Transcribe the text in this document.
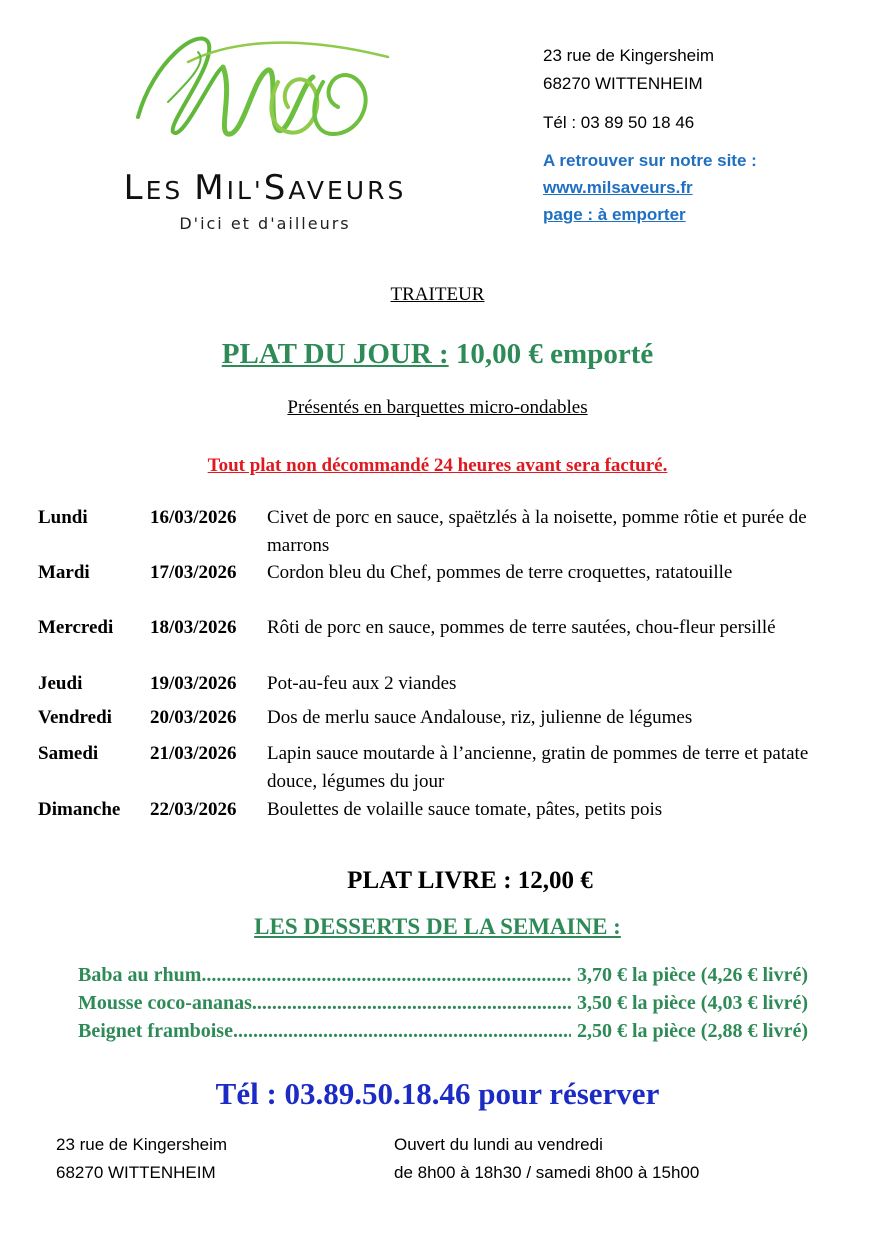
LES MIL'SAVEURS
D'ici et d'ailleurs
23 rue de Kingersheim
68270 WITTENHEIM
Tél : 03 89 50 18 46
A retrouver sur notre site :
www.milsaveurs.fr
page : à emporter
TRAITEUR
PLAT DU JOUR : 10,00 € emporté
Présentés en barquettes micro-ondables
Tout plat non décommandé 24 heures avant sera facturé.
Lundi	16/03/2026 Civet de porc en sauce, spaëtzlés à la noisette, pomme rôtie et purée de marrons
Mardi	17/03/2026 Cordon bleu du Chef, pommes de terre croquettes, ratatouille
Mercredi 18/03/2026 Rôti de porc en sauce, pommes de terre sautées, chou-fleur persillé
Jeudi	19/03/2026 Pot-au-feu aux 2 viandes
Vendredi 20/03/2026 Dos de merlu sauce Andalouse, riz, julienne de légumes
Samedi	21/03/2026 Lapin sauce moutarde à l’ancienne, gratin de pommes de terre et patate douce, légumes du jour
Dimanche 22/03/2026 Boulettes de volaille sauce tomate, pâtes, petits pois
PLAT LIVRE : 12,00 €
LES DESSERTS DE LA SEMAINE :
Baba au rhum .....	3,70 € la pièce (4,26 € livré)
Mousse coco-ananas .....	3,50 € la pièce (4,03 € livré)
Beignet framboise .....	2,50 € la pièce (2,88 € livré)
Tél : 03.89.50.18.46 pour réserver
23 rue de Kingersheim
68270 WITTENHEIM
Ouvert du lundi au vendredi
de 8h00 à 18h30 / samedi 8h00 à 15h00
